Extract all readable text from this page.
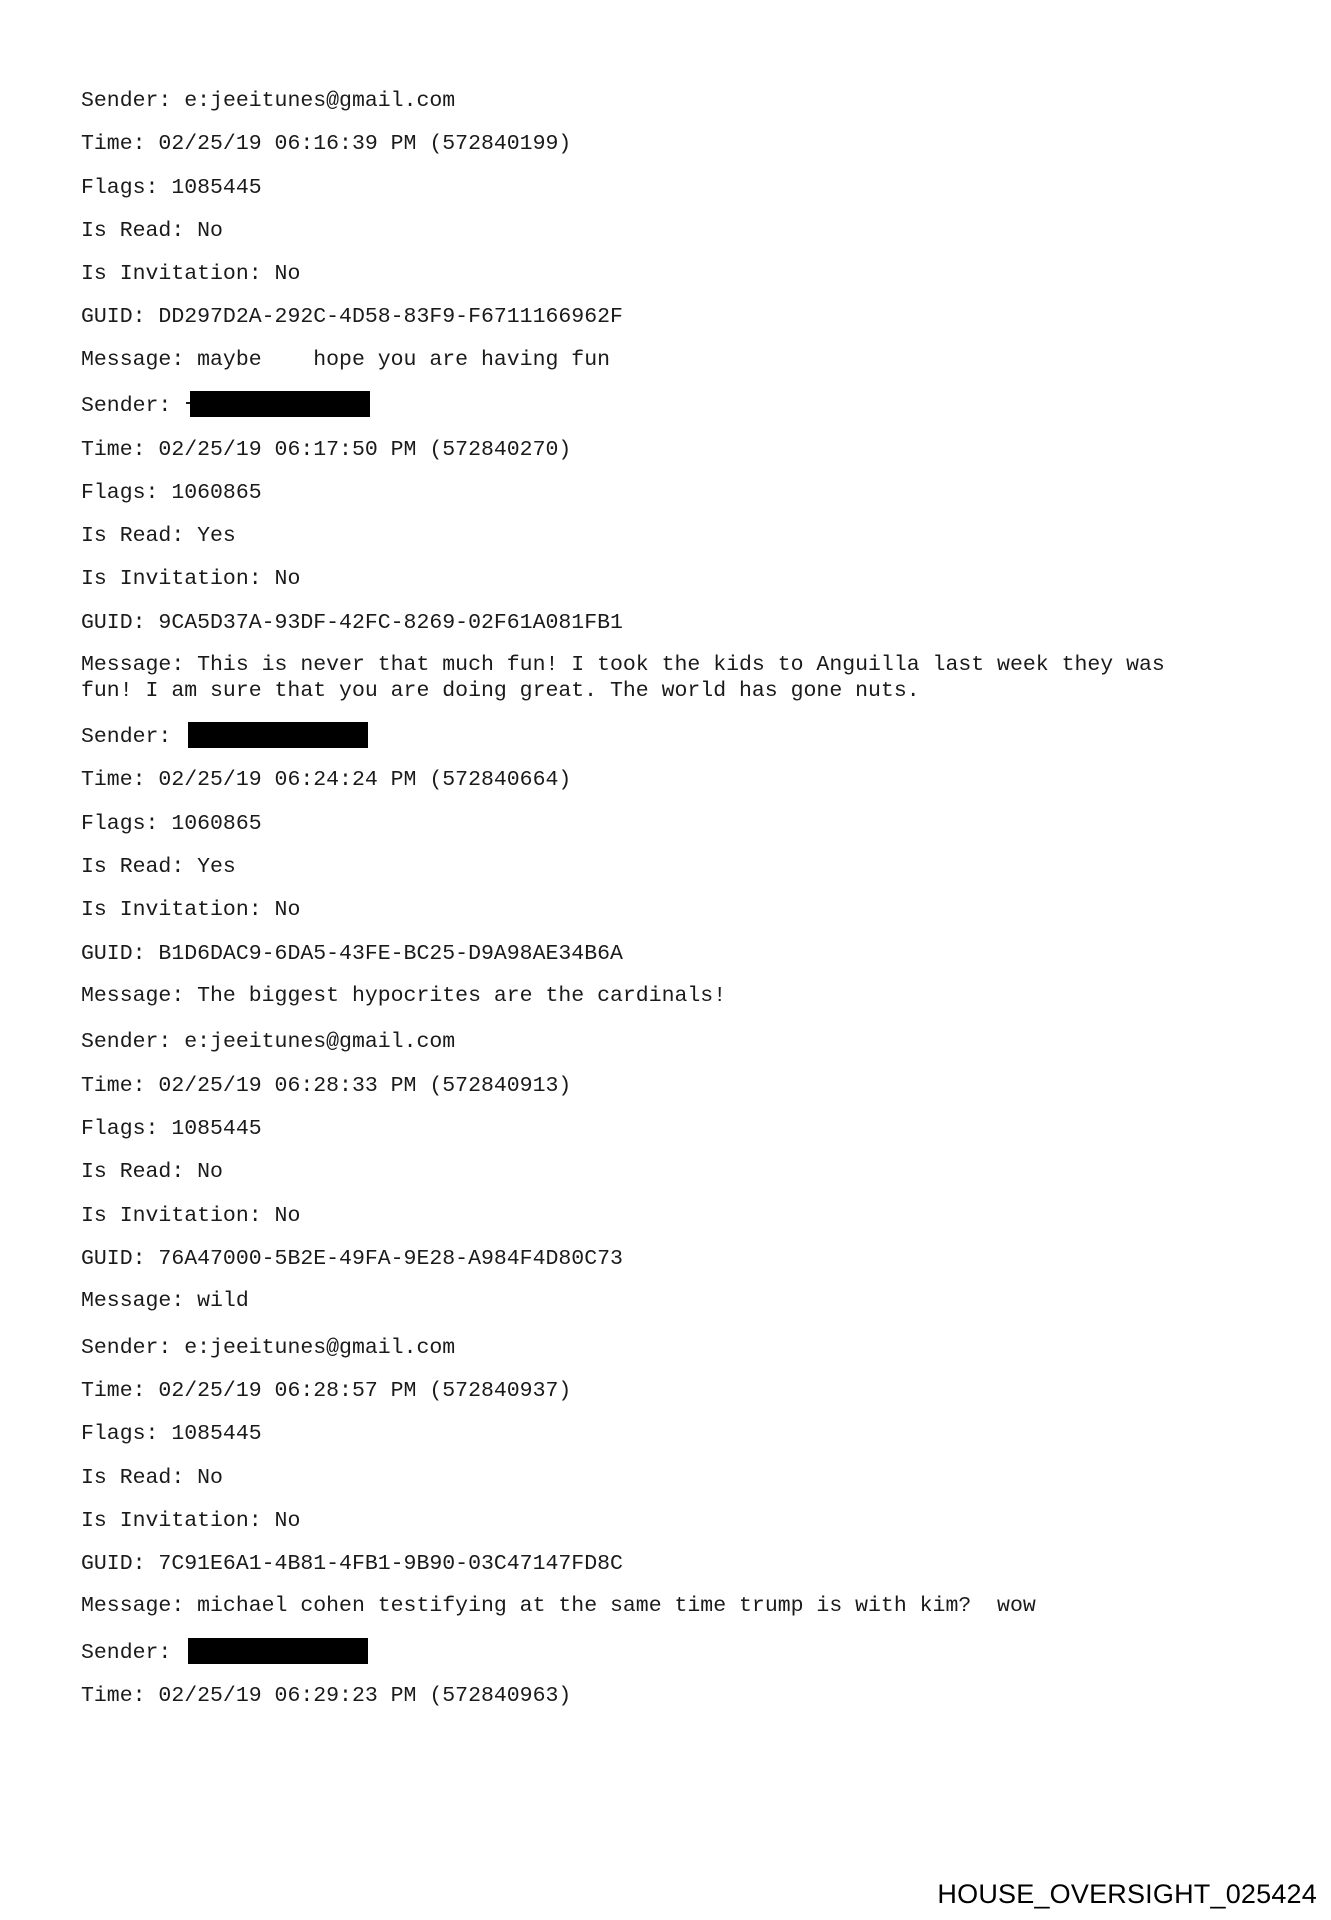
Sender: e:jeeitunes@gmail.com
Time: 02/25/19 06:16:39 PM (572840199)
Flags: 1085445
Is Read: No
Is Invitation: No
GUID: DD297D2A-292C-4D58-83F9-F6711166962F
Message: maybe    hope you are having fun
Sender:
Time: 02/25/19 06:17:50 PM (572840270)
Flags: 1060865
Is Read: Yes
Is Invitation: No
GUID: 9CA5D37A-93DF-42FC-8269-02F61A081FB1
Message: This is never that much fun! I took the kids to Anguilla last week they was
fun! I am sure that you are doing great. The world has gone nuts.
Sender:
Time: 02/25/19 06:24:24 PM (572840664)
Flags: 1060865
Is Read: Yes
Is Invitation: No
GUID: B1D6DAC9-6DA5-43FE-BC25-D9A98AE34B6A
Message: The biggest hypocrites are the cardinals!
Sender: e:jeeitunes@gmail.com
Time: 02/25/19 06:28:33 PM (572840913)
Flags: 1085445
Is Read: No
Is Invitation: No
GUID: 76A47000-5B2E-49FA-9E28-A984F4D80C73
Message: wild
Sender: e:jeeitunes@gmail.com
Time: 02/25/19 06:28:57 PM (572840937)
Flags: 1085445
Is Read: No
Is Invitation: No
GUID: 7C91E6A1-4B81-4FB1-9B90-03C47147FD8C
Message: michael cohen testifying at the same time trump is with kim?  wow
Sender:
Time: 02/25/19 06:29:23 PM (572840963)
HOUSE_OVERSIGHT_025424
